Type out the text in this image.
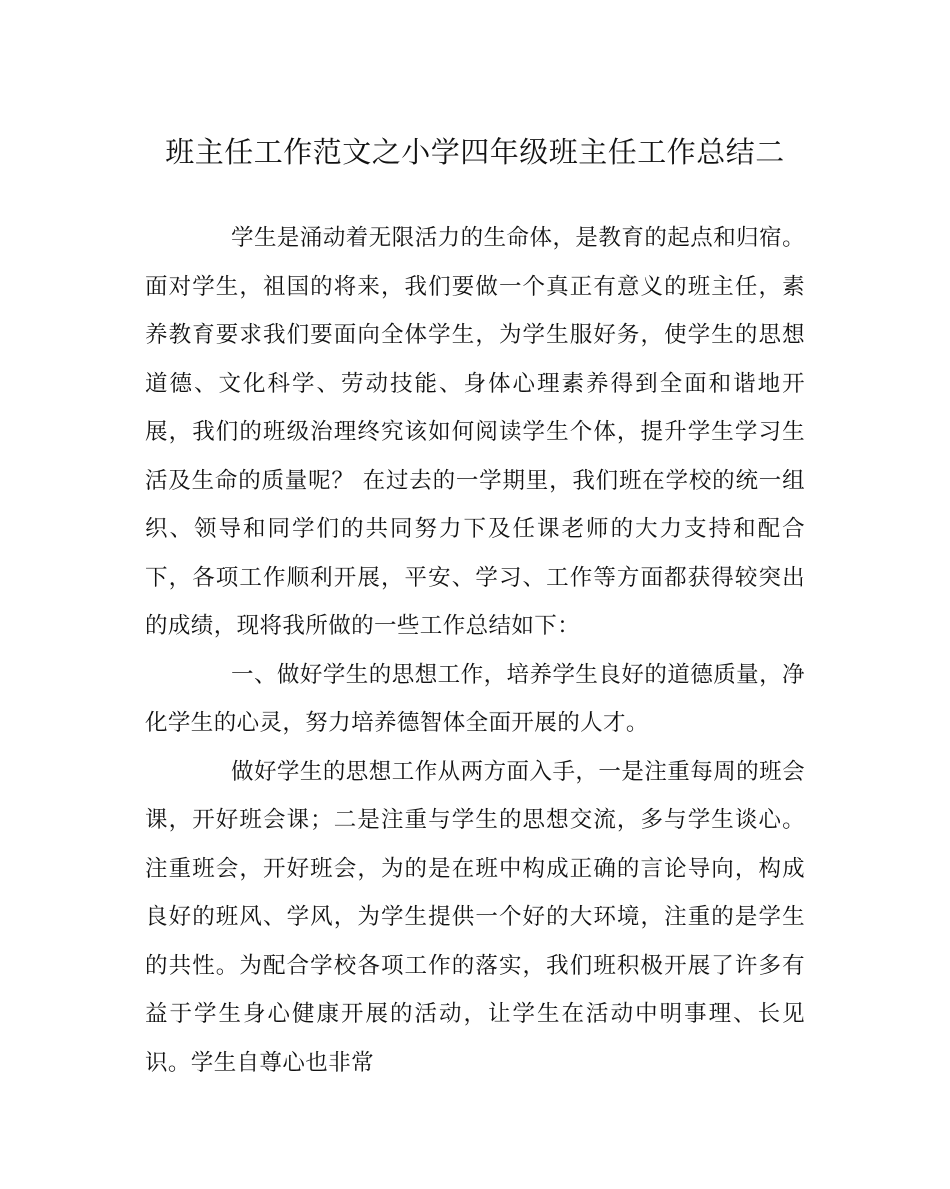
班主任工作范文之小学四年级班主任工作总结二

学生是涌动着无限活力的生命体，是教育的起点和归宿。面对学生，祖国的将来，我们要做一个真正有意义的班主任，素养教育要求我们要面向全体学生，为学生服好务，使学生的思想道德、文化科学、劳动技能、身体心理素养得到全面和谐地开展，我们的班级治理终究该如何阅读学生个体，提升学生学习生活及生命的质量呢？ 在过去的一学期里，我们班在学校的统一组织、领导和同学们的共同努力下及任课老师的大力支持和配合下，各项工作顺利开展，平安、学习、工作等方面都获得较突出的成绩，现将我所做的一些工作总结如下：

一、做好学生的思想工作，培养学生良好的道德质量，净化学生的心灵，努力培养德智体全面开展的人才。

做好学生的思想工作从两方面入手，一是注重每周的班会课，开好班会课；二是注重与学生的思想交流，多与学生谈心。 注重班会，开好班会，为的是在班中构成正确的言论导向，构成良好的班风、学风，为学生提供一个好的大环境，注重的是学生的共性。为配合学校各项工作的落实，我们班积极开展了许多有益于学生身心健康开展的活动，让学生在活动中明事理、长见识。学生自尊心也非常
